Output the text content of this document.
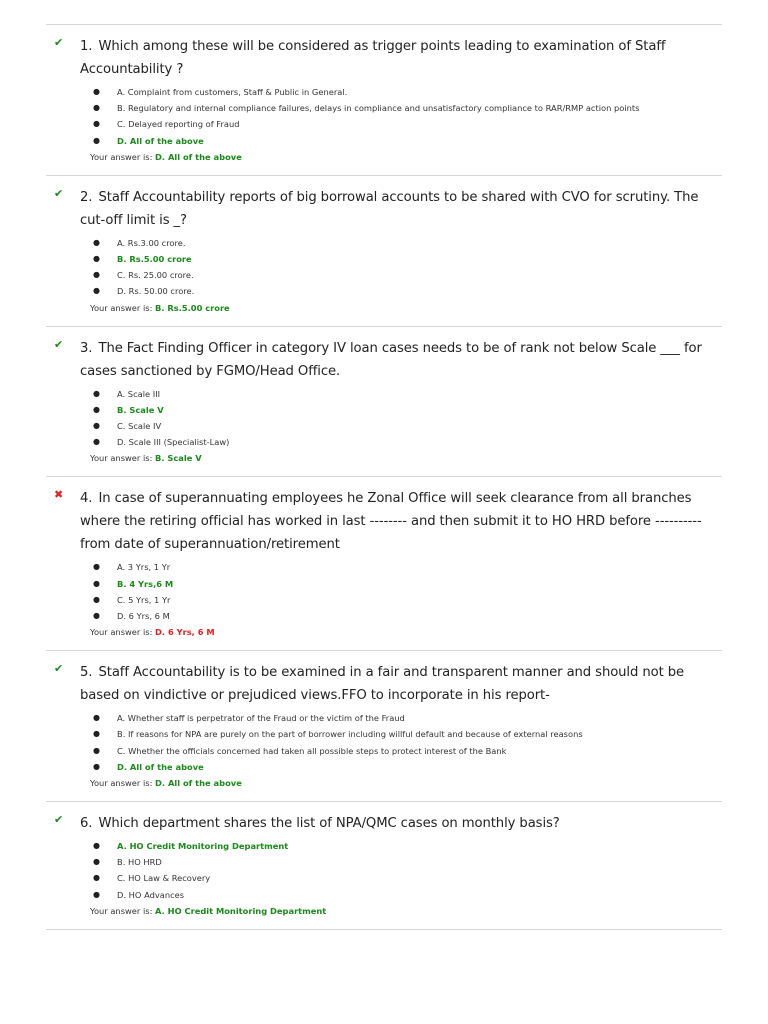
✔ 1. Which among these will be considered as trigger points leading to examination of Staff Accountability ?

● A. Complaint from customers, Staff & Public in General.
● B. Regulatory and internal compliance failures, delays in compliance and unsatisfactory compliance to RAR/RMP action points
● C. Delayed reporting of Fraud
● D. All of the above
Your answer is: D. All of the above
✔ 2. Staff Accountability reports of big borrowal accounts to be shared with CVO for scrutiny. The cut-off limit is _?

● A. Rs.3.00 crore.
● B. Rs.5.00 crore
● C. Rs. 25.00 crore.
● D. Rs. 50.00 crore.
Your answer is: B. Rs.5.00 crore
✔ 3. The Fact Finding Officer in category IV loan cases needs to be of rank not below Scale ___ for cases sanctioned by FGMO/Head Office.

● A. Scale III
● B. Scale V
● C. Scale IV
● D. Scale III (Specialist-Law)
Your answer is: B. Scale V
✖ 4. In case of superannuating employees he Zonal Office will seek clearance from all branches where the retiring official has worked in last -------- and then submit it to HO HRD before ----------from date of superannuation/retirement

● A. 3 Yrs, 1 Yr
● B. 4 Yrs,6 M
● C. 5 Yrs, 1 Yr
● D. 6 Yrs, 6 M
Your answer is: D. 6 Yrs, 6 M
✔ 5. Staff Accountability is to be examined in a fair and transparent manner and should not be based on vindictive or prejudiced views.FFO to incorporate in his report-

● A. Whether staff is perpetrator of the Fraud or the victim of the Fraud
● B. If reasons for NPA are purely on the part of borrower including willful default and because of external reasons
● C. Whether the officials concerned had taken all possible steps to protect interest of the Bank
● D. All of the above
Your answer is: D. All of the above
✔ 6. Which department shares the list of NPA/QMC cases on monthly basis?

● A. HO Credit Monitoring Department
● B. HO HRD
● C. HO Law & Recovery
● D. HO Advances
Your answer is: A. HO Credit Monitoring Department
